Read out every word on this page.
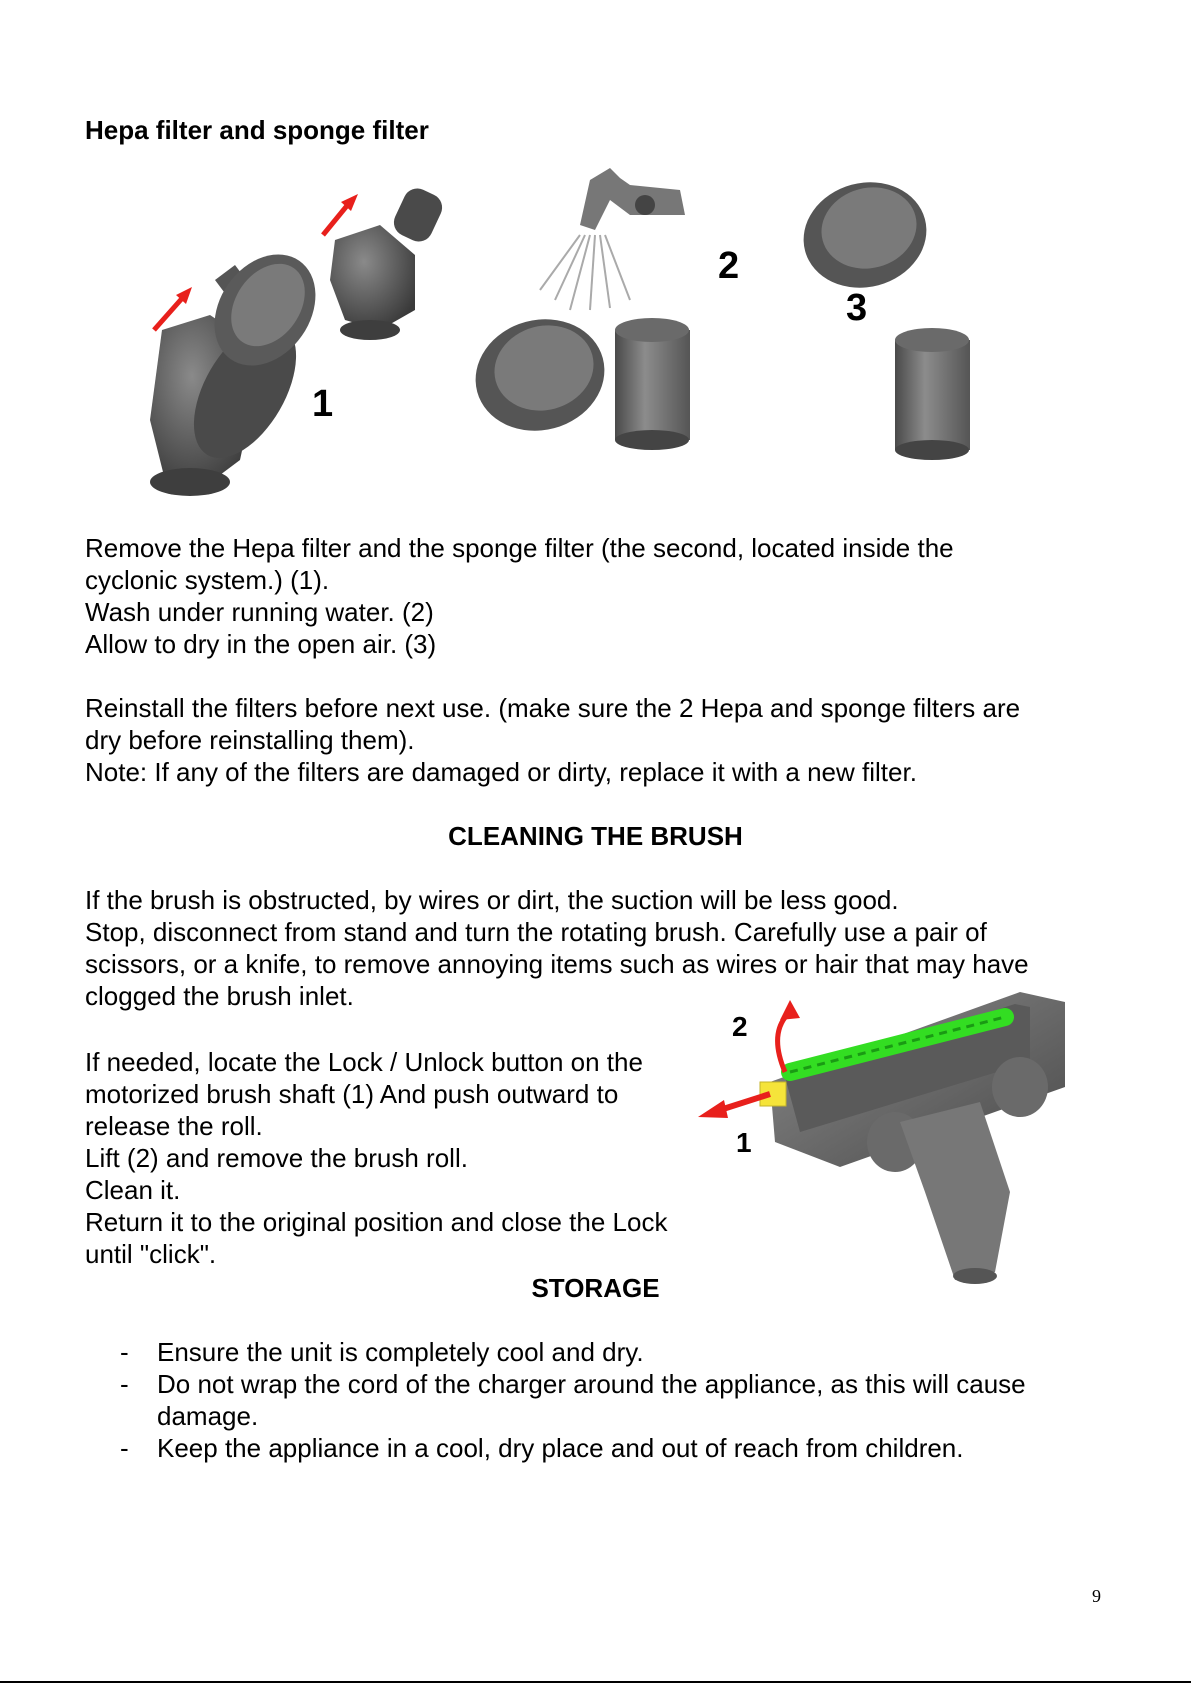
Hepa filter and sponge filter
1
2
3
Remove the Hepa filter and the sponge filter (the second, located inside the
cyclonic system.) (1).
Wash under running water. (2)
Allow to dry in the open air. (3)
Reinstall the filters before next use. (make sure the 2 Hepa and sponge filters are
dry before reinstalling them).
Note: If any of the filters are damaged or dirty, replace it with a new filter.
CLEANING THE BRUSH
If the brush is obstructed, by wires or dirt, the suction will be less good.
Stop, disconnect from stand and turn the rotating brush. Carefully use a pair of
scissors, or a knife, to remove annoying items such as wires or hair that may have
clogged the brush inlet.
If needed, locate the Lock / Unlock button on the
motorized brush shaft (1) And push outward to
release the roll.
Lift (2) and remove the brush roll.
Clean it.
Return it to the original position and close the Lock
until "click".
1
2
STORAGE
- Ensure the unit is completely cool and dry.
- Do not wrap the cord of the charger around the appliance, as this will cause
damage.
- Keep the appliance in a cool, dry place and out of reach from children.
9
